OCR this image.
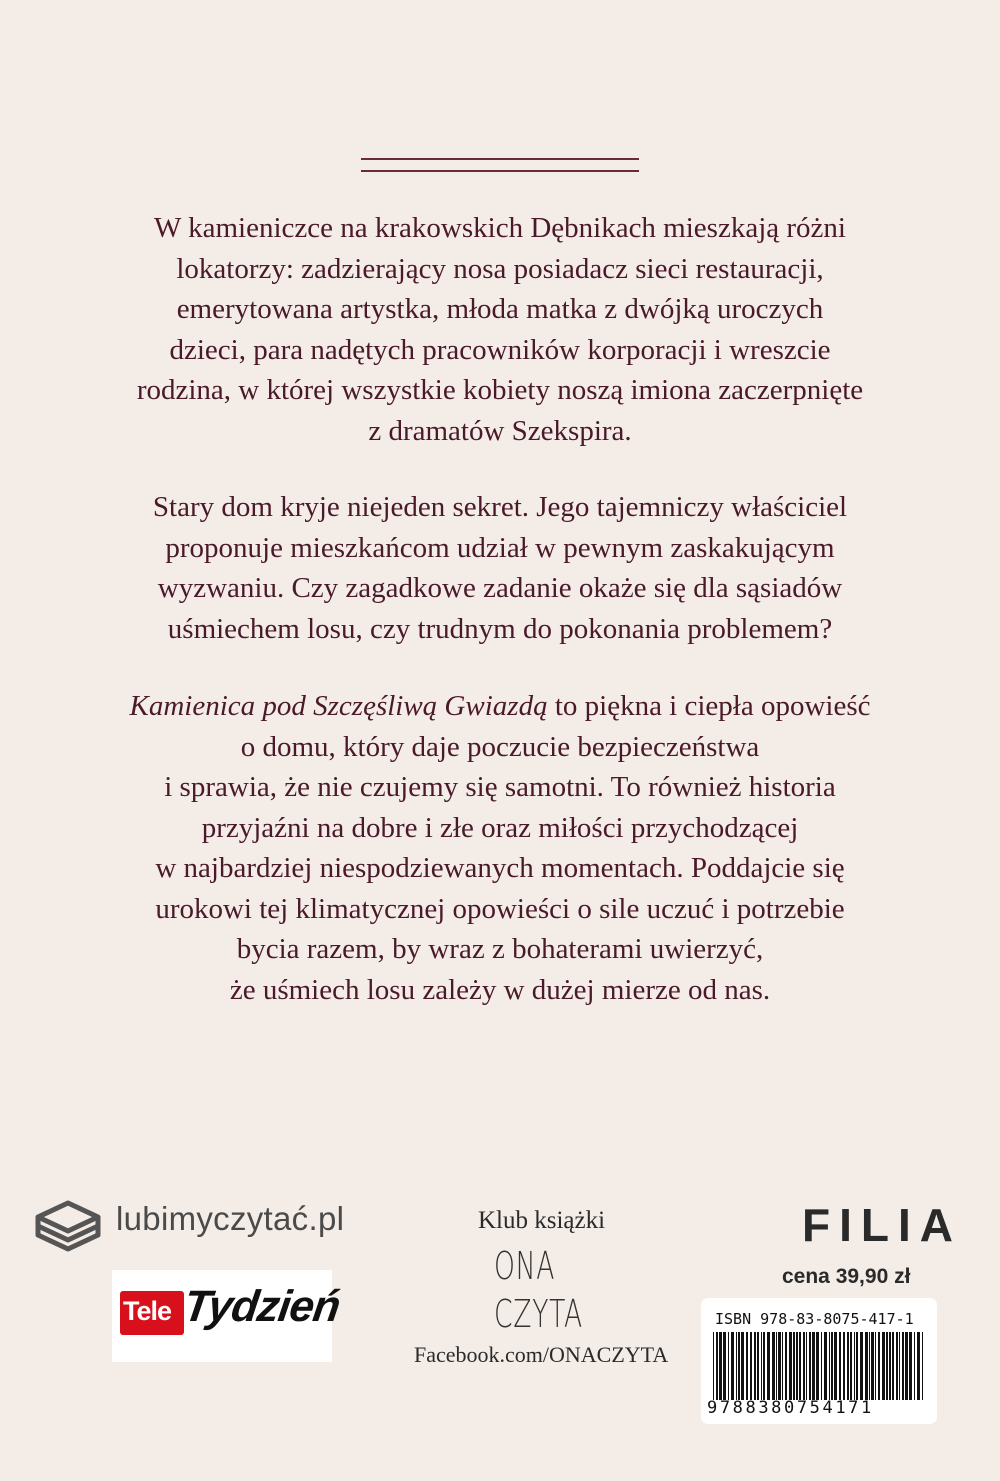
W kamieniczce na krakowskich Dębnikach mieszkają różni
lokatorzy: zadzierający nosa posiadacz sieci restauracji,
emerytowana artystka, młoda matka z dwójką uroczych
dzieci, para nadętych pracowników korporacji i wreszcie
rodzina, w której wszystkie kobiety noszą imiona zaczerpnięte
z dramatów Szekspira.

Stary dom kryje niejeden sekret. Jego tajemniczy właściciel
proponuje mieszkańcom udział w pewnym zaskakującym
wyzwaniu. Czy zagadkowe zadanie okaże się dla sąsiadów
uśmiechem losu, czy trudnym do pokonania problemem?

Kamienica pod Szczęśliwą Gwiazdą to piękna i ciepła opowieść
o domu, który daje poczucie bezpieczeństwa
i sprawia, że nie czujemy się samotni. To również historia
przyjaźni na dobre i złe oraz miłości przychodzącej
w najbardziej niespodziewanych momentach. Poddajcie się
urokowi tej klimatycznej opowieści o sile uczuć i potrzebie
bycia razem, by wraz z bohaterami uwierzyć,
że uśmiech losu zależy w dużej mierze od nas.

lubimyczytać.pl
Tele Tydzień
Klub książki
ONA
CZYTA
Facebook.com/ONACZYTA
FILIA
cena 39,90 zł
ISBN 978-83-8075-417-1
9788380754171
